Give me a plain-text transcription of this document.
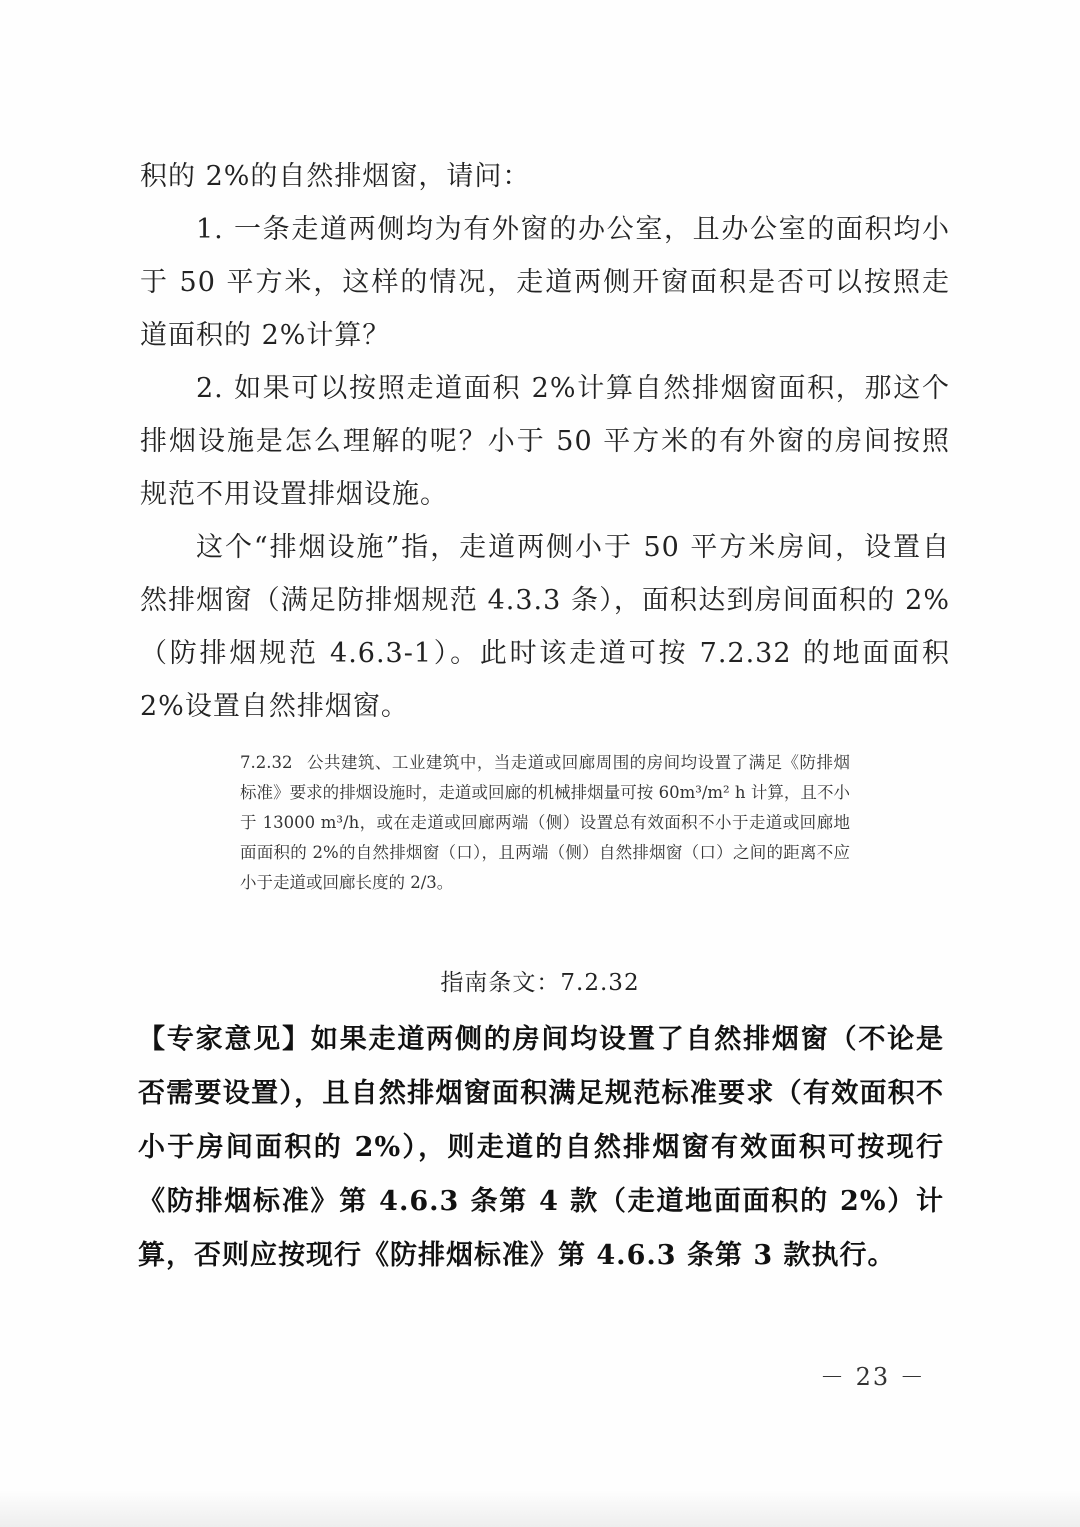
积的 2%的自然排烟窗，请问：

1. 一条走道两侧均为有外窗的办公室，且办公室的面积均小于 50 平方米，这样的情况，走道两侧开窗面积是否可以按照走道面积的 2%计算？

2. 如果可以按照走道面积 2%计算自然排烟窗面积，那这个排烟设施是怎么理解的呢？小于 50 平方米的有外窗的房间按照规范不用设置排烟设施。

这个“排烟设施”指，走道两侧小于 50 平方米房间，设置自然排烟窗（满足防排烟规范 4.3.3 条），面积达到房间面积的 2%（防排烟规范 4.6.3-1）。此时该走道可按 7.2.32 的地面面积 2%设置自然排烟窗。

7.2.32 公共建筑、工业建筑中，当走道或回廊周围的房间均设置了满足《防排烟标准》要求的排烟设施时，走道或回廊的机械排烟量可按 60m³/m² h 计算，且不小于 13000 m³/h，或在走道或回廊两端（侧）设置总有效面积不小于走道或回廊地面面积的 2%的自然排烟窗（口），且两端（侧）自然排烟窗（口）之间的距离不应小于走道或回廊长度的 2/3。
指南条文：7.2.32

【专家意见】如果走道两侧的房间均设置了自然排烟窗（不论是否需要设置），且自然排烟窗面积满足规范标准要求（有效面积不小于房间面积的 2%），则走道的自然排烟窗有效面积可按现行《防排烟标准》第 4.6.3 条第 4 款（走道地面面积的 2%）计算，否则应按现行《防排烟标准》第 4.6.3 条第 3 款执行。

－ 23 －
